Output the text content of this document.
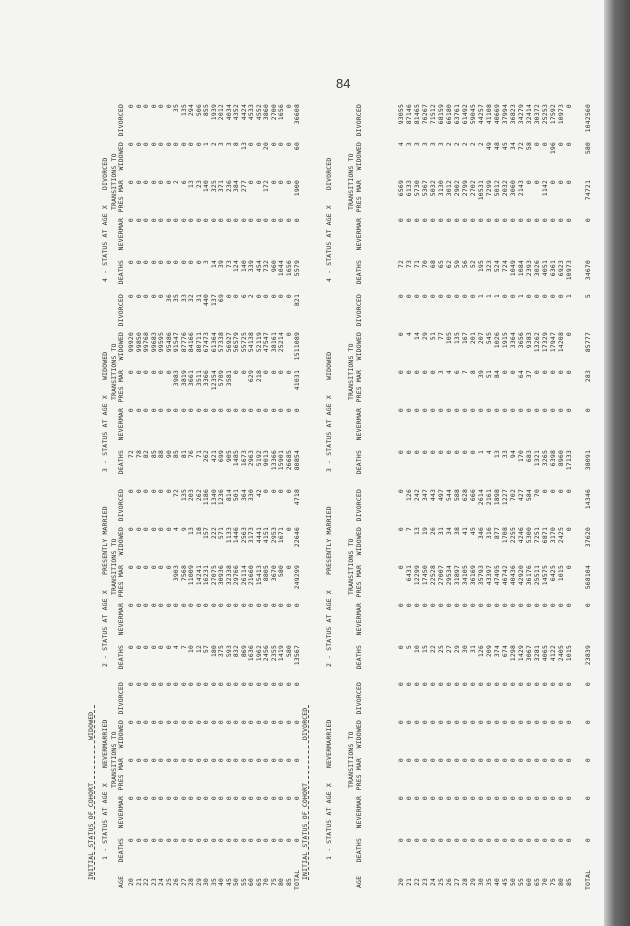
84
INITIAL STATUS OF COHORT
WIDOWED
AGE 20 21 22 23 24 25 26 27 28 29 30 35 40 45 50 55 60 65 70 75 80 85 TOTAL
1 - STATUS AT AGE X
NEVERMARRIED TRANSITIONS TO
DEATHS 0 0 0 0 0 0 0 0 0 0 0 0 0 0 0 0 0 0 0 0 0 0 0
NEVERMAR 0 0 0 0 0 0 0 0 0 0 0 0 0 0 0 0 0 0 0 0 0 0 0
PRES MAR 0 0 0 0 0 0 0 0 0 0 0 0 0 0 0 0 0 0 0 0 0 0 0
WIDOWED 0 0 0 0 0 0 0 0 0 0 0 0 0 0 0 0 0 0 0 0 0 0 0
DIVORCED 0 0 0 0 0 0 0 0 0 0 0 0 0 0 0 0 0 0 0 0 0 0 0
2 - STATUS AT AGE X
PRESENTLY MARRIED TRANSITIONS TO
DEATHS 0 0 0 0 0 0 4 7 10 12 57 180 375 593 832 869 1636 1962 2456 2355 1419 580 13567
NEVERMAR 0 0 0 0 0 0 0 0 0 0 0 0 0 0 0 0 0 0 0 0 0 0 0
PRES MAR 0 0 0 0 0 0 3903 7568 11009 14241 16231 27075 30936 32338 29766 26114 21660 15413 8805 3670 580 0 249299
WIDOWED 0 0 0 0 0 0 4 9 13 18 157 222 571 1133 1446 2563 3173 4441 4151 2953 1671 0 22646
DIVORCED 0 0 0 0 0 0 72 135 203 262 1186 1340 1236 814 501 364 330 42 0 0 0 0 4718
3 - STATUS AT AGE X
WIDOWED TRANSITIONS TO
DEATHS 72 78 82 85 88 90 85 81 76 71 262 421 699 905 1485 1673 2963 5192 9013 13366 15901 26685 80854
NEVERMAR 0 0 0 0 0 0 0 0 0 0 0 0 0 0 0 0 0 0 0 0 0 0 0
PRES MAR 0 0 0 0 0 0 3983 3819 3661 3511 3366 12354 5709 3581 0 0 629 218 0 0 0 0 41031
WIDOWED 99920 99850 99768 99683 99595 95486 91547 87776 84166 80711 67473 61364 57338 56927 56579 55725 54138 52119 47547 38161 25214 0 1511089
DIVORCED 0 0 0 0 0 36 35 33 32 31 440 137 69 0 0 6 2 0 0 0 0 0 821
4 - STATUS AT AGE X
DIVORCED TRANSITIONS TO
DEATHS 0 0 0 0 0 0 0 0 0 0 3 14 39 73 124 140 339 454 732 960 1044 1656 5579
NEVERMAR 0 0 0 0 0 0 0 0 0 0 0 0 0 0 0 0 0 0 0 0 0 0 0
PRES MAR 0 0 0 0 0 0 2 6 13 23 140 325 371 236 384 277 0 0 172 0 0 0 1900
WIDOWED 0 0 0 0 0 0 0 0 0 0 1 2 3 3 8 13 0 0 20 0 0 0 60
DIVORCED 0 0 0 0 0 0 35 135 294 506 855 1939 2012 4034 4352 4424 4533 4552 3860 2700 1656 0 36608
INITIAL STATUS OF COHORT
DIVORCED
AGE	20 21 22 23 24 25 26 27 28 29 30 35 40 45 50 55 60 65 70 75 80 85 TOTAL
1 - STATUS AT AGE X
NEVERMARRIED TRANSITIONS TO
DEATHS	0 0 0 0 0 0 0 0 0 0 0 0 0 0 0 0 0 0 0 0 0 0 0
NEVERMAR	0 0 0 0 0 0 0 0 0 0 0 0 0 0 0 0 0 0 0 0 0 0 0
PRES MAR	0 0 0 0 0 0 0 0 0 0 0 0 0 0 0 0 0 0 0 0 0 0 0
WIDOWED	0 0 0 0 0 0 0 0 0 0 0 0 0 0 0 0 0 0 0 0 0 0 0
DIVORCED	0 0 0 0 0 0 0 0 0 0 0 0 0 0 0 0 0 0 0 0 0 0 0
2 - STATUS AT AGE X
PRESENTLY MARRIED TRANSITIONS TO
DEATHS	0 5 10 15 22 25 27 29 30 31 126 209 374 674 1298 1429 3067 3281 4065 4122 2405 1015 23839
NEVERMAR	0 0 0 0 0 0 0 0 0 0 0 0 0 0 0 0 0 0 0 0 0 0 0
PRES MAR	0 6431 12299 17450 22528 27007 29534 31897 34105 36169 35793 43397 47495 46742 40436 42920 36176 25511 14575 6425 1015 0 568104
WIDOWED	0 7 13 19 26 31 34 38 41 45 346 316 877 1708 2255 4246 5300 7251 6871 3170 2425 0 37620
DIVORCED	0 126 242 347 443 497 544 588 628 666 2614 2161 1898 1227 702 427 584 70 0 0 0 0 14346
3 - STATUS AT AGE X
WIDOWED TRANSITIONS TO
DEATHS	0 0 0 0 0 0 0 0 0 0 1 4 13 33 94 170 683 1321 3265 6398 8960 17133 38091
NEVERMAR	0 0 0 0 0 0 0 0 0 0 0 0 0 0 0 0 0 0 0 0 0 0 0
PRES MAR	0 0 0 0 0 3 4 6 7 8 39 51 84 0 0 64 37 0 0 0 0 0 283
WIDOWED	0 4 14 29 51 77 105 135 167 201 207 545 1026 1915 3364 3656 9383 13262 17329 17947 14208 0 85777
DIVORCED	0 0 0 0 0 0 0 0 0 0 1 1 1 0 0 1 0 0 0 0 0 1 5
4 - STATUS AT AGE X
DIVORCED TRANSITIONS TO
DEATHS	72 73 71 70 68 65 62 59 56 52 195 323 524 724 1049 1084 2393 3026 4051 6361 6923 10973 34670
NEVERMAR	0 0 0 0 0 0 0 0 0 0 0 0 0 0 0 0 0 0 0 0 0 0 0
PRES MAR	6569 6133 5730 5367 5032 3130 3012 2902 2799 2702 10531 7299 5012 2032 3060 2143 0 0 1142 0 0 0 74721
WIDOWED	4 3 3 3 3 3 2 2 2 2 2 49 48 45 34 72 58 0 0 196 0 0 580
DIVORCED	93055 87146 81465 76267 71512 68159 66180 63761 61492 59045 44257 41108 40669 37994 36823 34279 32414 30372 25253 17592 10973 0 1042560
